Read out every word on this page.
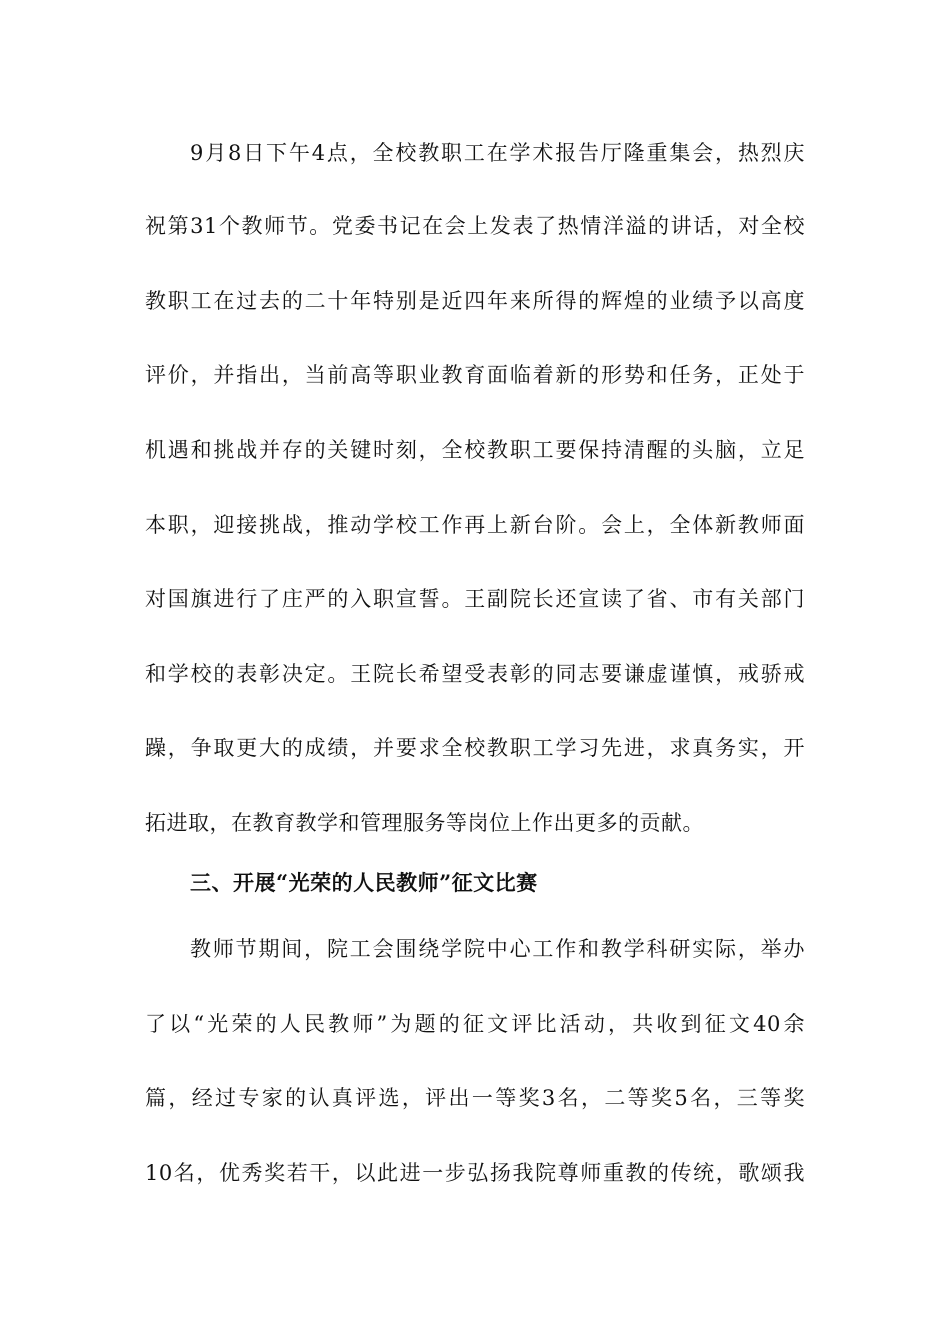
9月8日下午4点，全校教职工在学术报告厅隆重集会，热烈庆
祝第31个教师节。党委书记在会上发表了热情洋溢的讲话，对全校
教职工在过去的二十年特别是近四年来所得的辉煌的业绩予以高度
评价，并指出，当前高等职业教育面临着新的形势和任务，正处于
机遇和挑战并存的关键时刻，全校教职工要保持清醒的头脑，立足
本职，迎接挑战，推动学校工作再上新台阶。会上，全体新教师面
对国旗进行了庄严的入职宣誓。王副院长还宣读了省、市有关部门
和学校的表彰决定。王院长希望受表彰的同志要谦虚谨慎，戒骄戒
躁，争取更大的成绩，并要求全校教职工学习先进，求真务实，开
拓进取，在教育教学和管理服务等岗位上作出更多的贡献。
三、开展“光荣的人民教师”征文比赛
教师节期间，院工会围绕学院中心工作和教学科研实际，举办
了以“光荣的人民教师”为题的征文评比活动，共收到征文40余
篇，经过专家的认真评选，评出一等奖3名，二等奖5名，三等奖
10名，优秀奖若干，以此进一步弘扬我院尊师重教的传统，歌颂我
